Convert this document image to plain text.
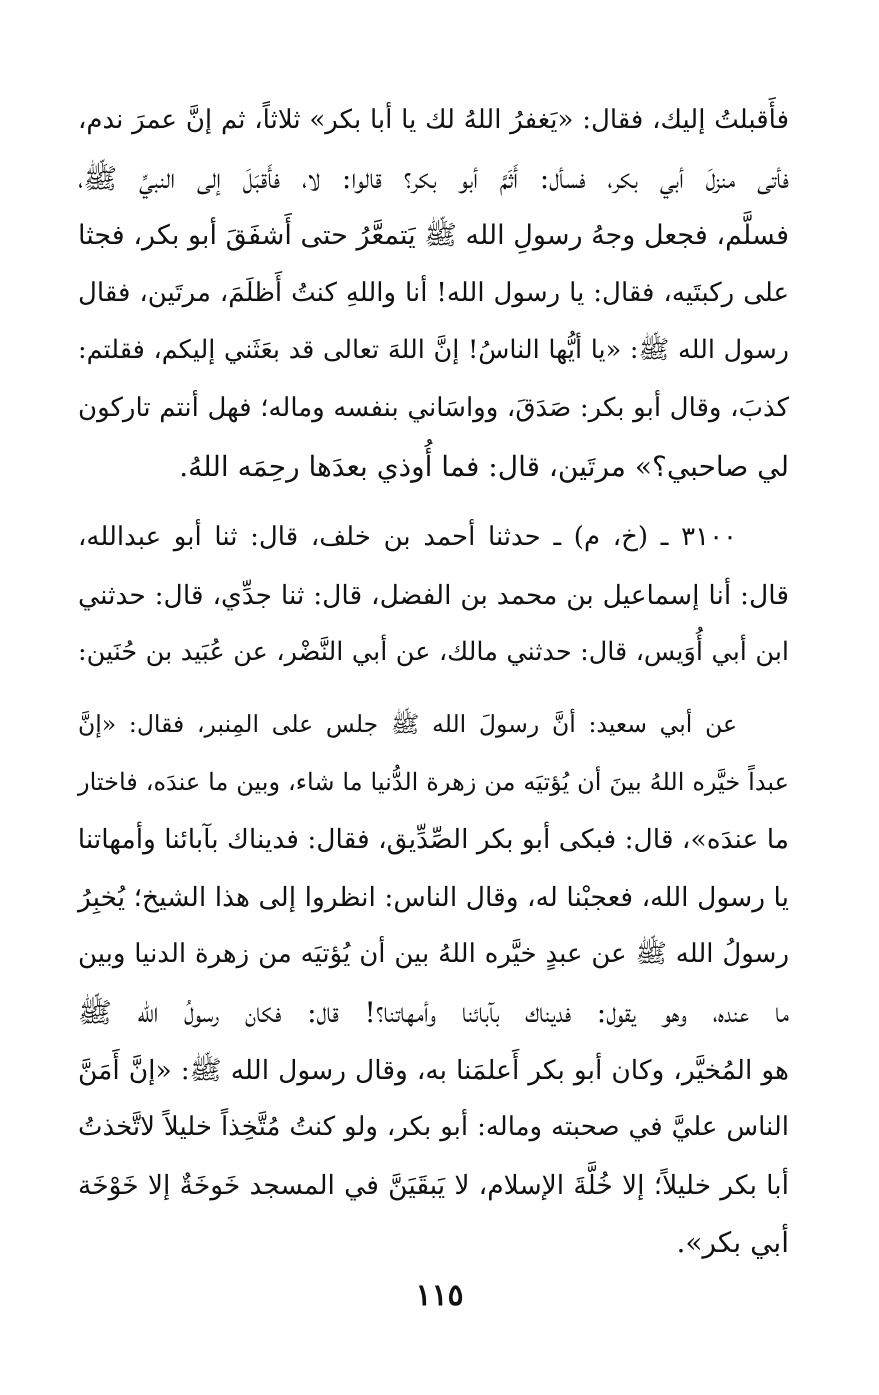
فأَقبلتُ إليك، فقال: «يَغفرُ اللهُ لك يا أبا بكر» ثلاثاً، ثم إنَّ عمرَ ندم،
فأتى منزلَ أبي بكر، فسأل: أَثَمَّ أبو بكر؟ قالوا: لا، فأَقبَلَ إلى النبيِّ ﷺ،
فسلَّم، فجعل وجهُ رسولِ الله ﷺ يَتمعَّرُ حتى أَشفَقَ أبو بكر، فجثا
على ركبتَيه، فقال: يا رسول الله! أنا واللهِ كنتُ أَظلَمَ، مرتَين، فقال
رسول الله ﷺ: «يا أيُّها الناسُ! إنَّ اللهَ تعالى قد بعَثَني إليكم، فقلتم:
كذبَ، وقال أبو بكر: صَدَقَ، وواسَاني بنفسه وماله؛ فهل أنتم تاركون
لي صاحبي؟» مرتَين، قال: فما أُوذي بعدَها رحِمَه اللهُ.
٣١٠٠ ـ (خ، م) ـ حدثنا أحمد بن خلف، قال: ثنا أبو عبدالله،
قال: أنا إسماعيل بن محمد بن الفضل، قال: ثنا جدِّي، قال: حدثني
ابن أبي أُوَيس، قال: حدثني مالك، عن أبي النَّضْر، عن عُبَيد بن حُنَين:
عن أبي سعيد: أنَّ رسولَ الله ﷺ جلس على المِنبر، فقال: «إنَّ
عبداً خيَّره اللهُ بينَ أن يُؤتيَه من زهرة الدُّنيا ما شاء، وبين ما عندَه، فاختار
ما عندَه»، قال: فبكى أبو بكر الصِّدِّيق، فقال: فديناك بآبائنا وأمهاتنا
يا رسول الله، فعجبْنا له، وقال الناس: انظروا إلى هذا الشيخ؛ يُخبِرُ
رسولُ الله ﷺ عن عبدٍ خيَّره اللهُ بين أن يُؤتيَه من زهرة الدنيا وبين
ما عنده، وهو يقول: فديناك بآبائنا وأمهاتنا؟! قال: فكان رسولُ الله ﷺ
هو المُخيَّر، وكان أبو بكر أَعلمَنا به، وقال رسول الله ﷺ: «إنَّ أَمَنَّ
الناس عليَّ في صحبته وماله: أبو بكر، ولو كنتُ مُتَّخِذاً خليلاً لاتَّخذتُ
أبا بكر خليلاً؛ إلا خُلَّةَ الإسلام، لا يَبقَيَنَّ في المسجد خَوخَةٌ إلا خَوْخَة
أبي بكر».
١١٥
